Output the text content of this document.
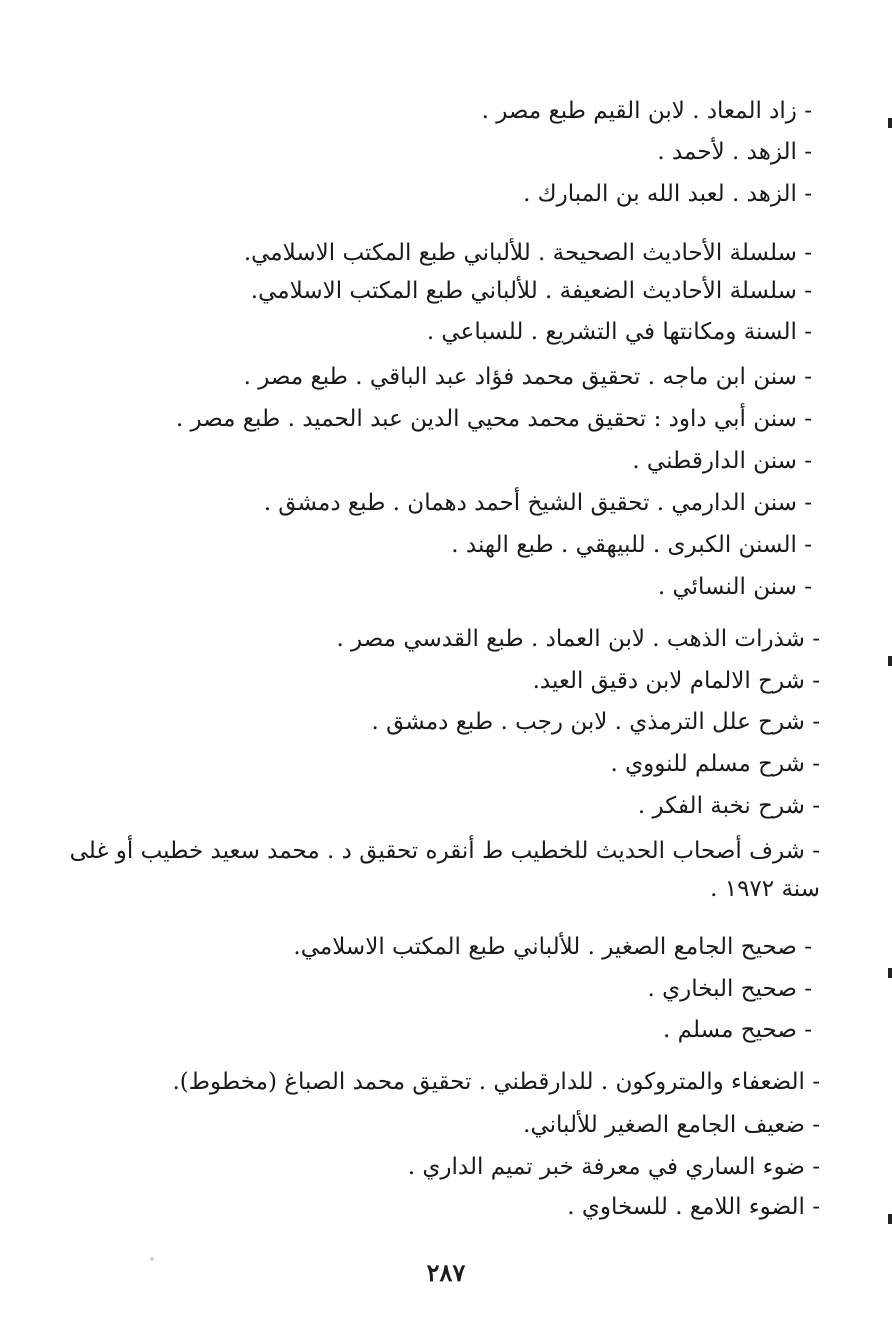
- زاد المعاد . لابن القيم طبع مصر .
- الزهد . لأحمد .
- الزهد . لعبد الله بن المبارك .
- سلسلة الأحاديث الصحيحة . للألباني طبع المكتب الاسلامي.
- سلسلة الأحاديث الضعيفة . للألباني طبع المكتب الاسلامي.
- السنة ومكانتها في التشريع . للسباعي .
- سنن ابن ماجه . تحقيق محمد فؤاد عبد الباقي . طبع مصر .
- سنن أبي داود : تحقيق محمد محيي الدين عبد الحميد . طبع مصر .
- سنن الدارقطني .
- سنن الدارمي . تحقيق الشيخ أحمد دهمان . طبع دمشق .
- السنن الكبرى . للبيهقي . طبع الهند .
- سنن النسائي .
- شذرات الذهب . لابن العماد . طبع القدسي مصر .
- شرح الالمام لابن دقيق العيد.
- شرح علل الترمذي . لابن رجب . طبع دمشق .
- شرح مسلم للنووي .
- شرح نخبة الفكر .
- شرف أصحاب الحديث للخطيب ط أنقره تحقيق د . محمد سعيد خطيب أو غلى
سنة ١٩٧٢ .
- صحيح الجامع الصغير . للألباني طبع المكتب الاسلامي.
- صحيح البخاري .
- صحيح مسلم .
- الضعفاء والمتروكون . للدارقطني . تحقيق محمد الصباغ (مخطوط).
- ضعيف الجامع الصغير للألباني.
- ضوء الساري في معرفة خبر تميم الداري .
- الضوء اللامع . للسخاوي .
٢٨٧
